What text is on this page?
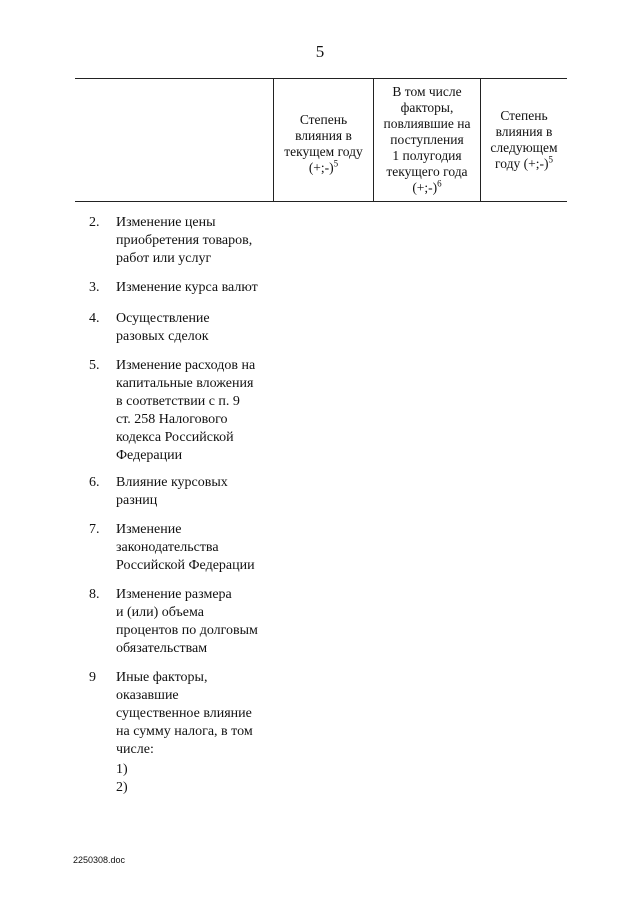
5
Степень
влияния в
текущем году
(+;-)$^5$
В том числе
факторы,
повлиявшие на
поступления
1 полугодия
текущего года
(+;-)$^6$
Степень
влияния в
следующем
году (+;-)$^5$
2. Изменение цены
приобретения товаров,
работ или услуг
3. Изменение курса валют
4. Осуществление
разовых сделок
5. Изменение расходов на
капитальные вложения
в соответствии с п. 9
ст. 258 Налогового
кодекса Российской
Федерации
6. Влияние курсовых
разниц
7. Изменение
законодательства
Российской Федерации
8. Изменение размера
и (или) объема
процентов по долговым
обязательствам
9 Иные факторы,
оказавшие
существенное влияние
на сумму налога, в том
числе:
1)
2)
2250308.doc
